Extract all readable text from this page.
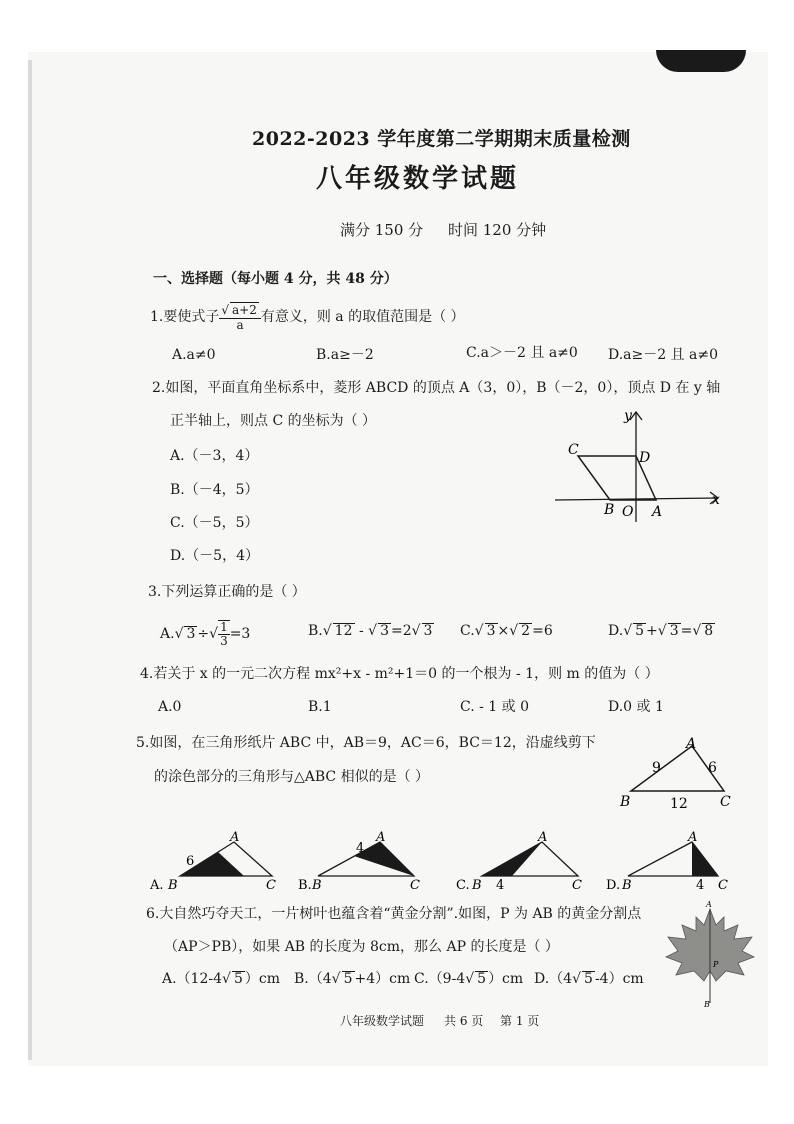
2022-2023 学年度第二学期期末质量检测
八年级数学试题
满分 150 分 时间 120 分钟
一、选择题（每小题 4 分，共 48 分）
1.要使式子 $\frac{√ a+2}{a}$ 有意义，则 a 的取值范围是（ ）
A.a≠0	B.a≥－2	C.a＞－2 且 a≠0 D.a≥－2 且 a≠0
2.如图，平面直角坐标系中，菱形 ABCD 的顶点 A（3，0），B（－2，0），顶点 D 在 y 轴
正半轴上，则点 C 的坐标为（ ）
A.（－3，4）
B.（－4，5）
C.（－5，5）
D.（－5，4）
C	D
B O A
x
y
3.下列运算正确的是（ ）
A.√ 3 ÷√ $\frac{1}{3} =3$	B.√ 12 - √ 3 =2√ 3 C.√ 3 ×√ 2 =6	D.√ 5 +√ 3 =√ 8
4.若关于 x 的一元二次方程 mx²+x - m²+1＝0 的一个根为 - 1，则 m 的值为（ ）
A.0	B.1	C. - 1 或 0	D.0 或 1
5.如图，在三角形纸片 ABC 中，AB＝9，AC＝6，BC＝12，沿虚线剪下
的涂色部分的三角形与△ABC 相似的是（ ）
A
B	C
9	6
12
A. B
A
C
6
B. B
A
C
4
C. B
A
C
4	D. B
A
C
4
6.大自然巧夺天工，一片树叶也蕴含着“黄金分割”.如图，P 为 AB 的黄金分割点
（AP＞PB），如果 AB 的长度为 8cm，那么 AP 的长度是（ ）
A.（12-4√ 5 ）cm B.（4√ 5 +4）cm C.（9-4√ 5 ）cm D.（4√ 5 -4）cm
A
P
B
八年级数学试题 共 6 页 第 1 页
